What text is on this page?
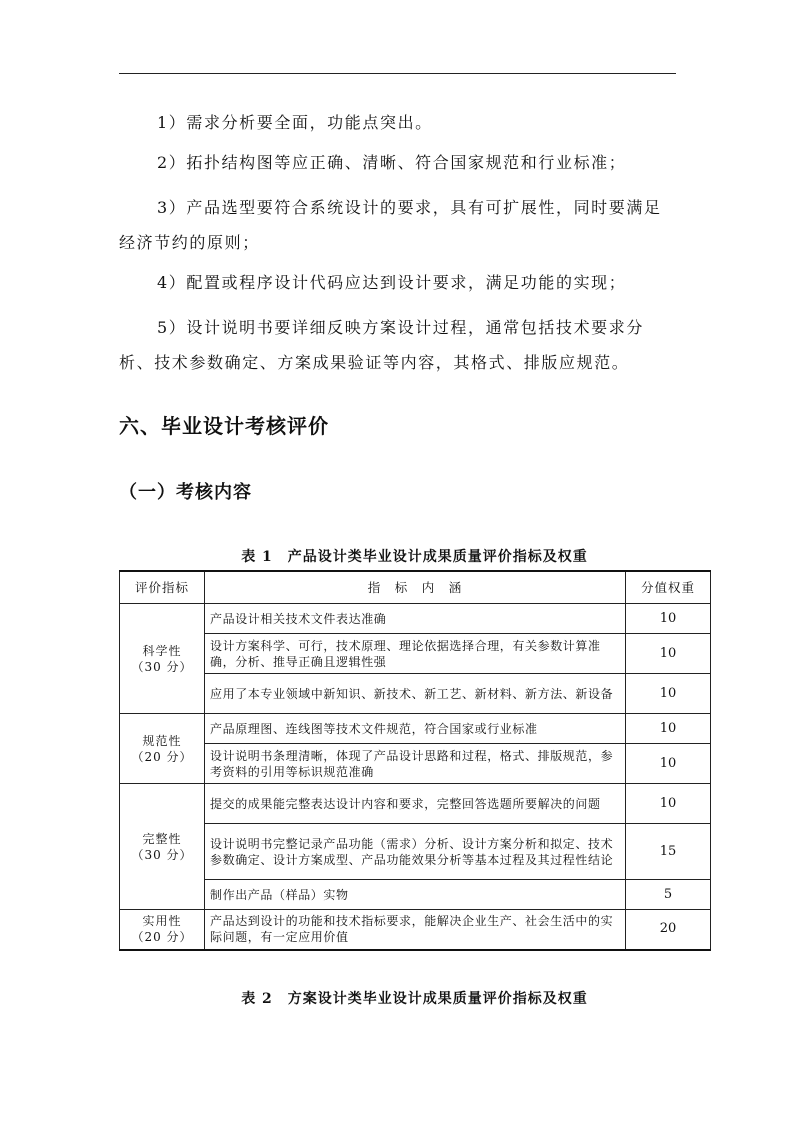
1）需求分析要全面，功能点突出。

2）拓扑结构图等应正确、清晰、符合国家规范和行业标准；

3）产品选型要符合系统设计的要求，具有可扩展性，同时要满足经济节约的原则；

4）配置或程序设计代码应达到设计要求，满足功能的实现；

5）设计说明书要详细反映方案设计过程，通常包括技术要求分析、技术参数确定、方案成果验证等内容，其格式、排版应规范。

六、毕业设计考核评价
（一）考核内容
表 1　产品设计类毕业设计成果质量评价指标及权重
评价指标	指　标　内　涵	分值权重

科学性
（30 分）	产品设计相关技术文件表达准确	10
	设计方案科学、可行，技术原理、理论依据选择合理，有关参数计算准确，分析、推导正确且逻辑性强	10
	应用了本专业领域中新知识、新技术、新工艺、新材料、新方法、新设备	10

规范性
（20 分）	产品原理图、连线图等技术文件规范，符合国家或行业标准	10
	设计说明书条理清晰，体现了产品设计思路和过程，格式、排版规范，参考资料的引用等标识规范准确	10

完整性
（30 分）	提交的成果能完整表达设计内容和要求，完整回答选题所要解决的问题	10
	设计说明书完整记录产品功能（需求）分析、设计方案分析和拟定、技术参数确定、设计方案成型、产品功能效果分析等基本过程及其过程性结论	15
	制作出产品（样品）实物	5

实用性
（20 分）	产品达到设计的功能和技术指标要求，能解决企业生产、社会生活中的实际问题，有一定应用价值	20
表 2　方案设计类毕业设计成果质量评价指标及权重
